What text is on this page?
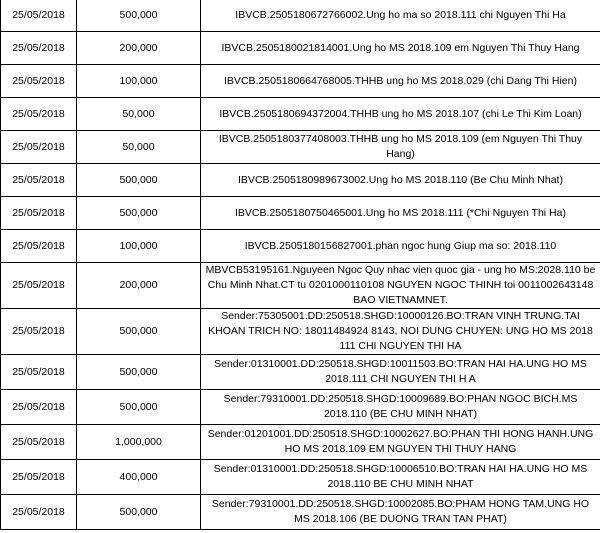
25/05/2018	500,000	IBVCB.2505180672766002.Ung ho ma so 2018.111 chi Nguyen Thi Ha
25/05/2018	200,000	IBVCB.2505180021814001.Ung ho MS 2018.109 em Nguyen Thi Thuy Hang
25/05/2018	100,000	IBVCB.2505180664768005.THHB ung ho MS 2018.029 (chi Dang Thi Hien)
25/05/2018	50,000	IBVCB.2505180694372004.THHB ung ho MS 2018.107 (chi Le Thi Kim Loan)
25/05/2018	50,000	IBVCB.2505180377408003.THHB ung ho MS 2018.109 (em Nguyen Thi Thuy Hang)
25/05/2018	500,000	IBVCB.2505180989673002.Ung ho MS 2018.110 (Be Chu Minh Nhat)
25/05/2018	500,000	IBVCB.2505180750465001.Ung ho MS 2018.111 (*Chi Nguyen Thi Ha)
25/05/2018	100,000	IBVCB.2505180156827001.phan ngoc hung Giup ma so: 2018.110
25/05/2018	200,000	MBVCB53195161.Nguyeen Ngoc Quy nhac vien quoc gia - ung ho MS:2028.110 be Chu Minh Nhat.CT tu 0201000110108 NGUYEN NGOC THINH toi 0011002643148 BAO VIETNAMNET.
25/05/2018	500,000	Sender:75305001.DD:250518.SHGD:10000126.BO:TRAN VINH TRUNG.TAI KHOAN TRICH NO: 18011484924 8143, NOI DUNG CHUYEN: UNG HO MS 2018 111 CHI NGUYEN THI HA
25/05/2018	500,000	Sender:01310001.DD:250518.SHGD:10011503.BO:TRAN HAI HA.UNG HO MS 2018.111 CHI NGUYEN THI H A
25/05/2018	500,000	Sender:79310001.DD:250518.SHGD:10009689.BO:PHAN NGOC BICH.MS 2018.110 (BE CHU MINH NHAT)
25/05/2018	1,000,000	Sender:01201001.DD:250518.SHGD:10002627.BO:PHAN THI HONG HANH.UNG HO MS 2018.109 EM NGUYEN THI THUY HANG
25/05/2018	400,000	Sender:01310001.DD:250518.SHGD:10006510.BO:TRAN HAI HA.UNG HO MS 2018.110 BE CHU MINH NHAT
25/05/2018	500,000	Sender:79310001.DD:250518.SHGD:10002085.BO:PHAM HONG TAM.UNG HO MS 2018.106 (BE DUONG TRAN TAN PHAT)
